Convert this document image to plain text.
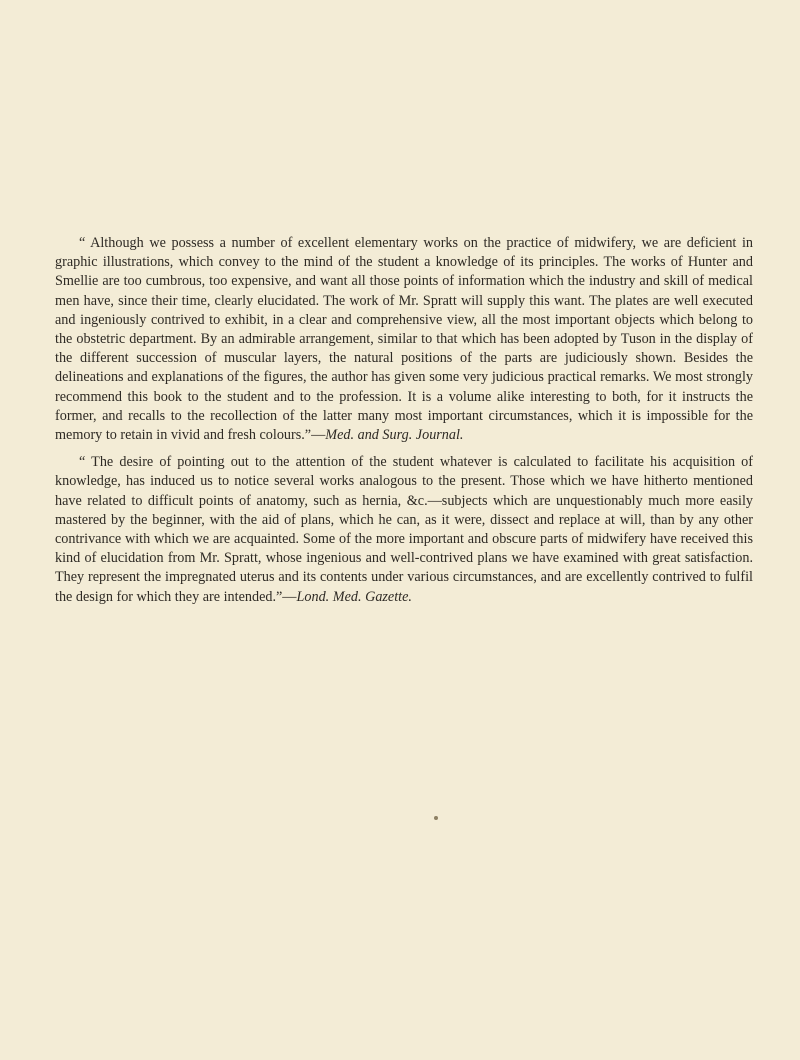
“ Although we possess a number of excellent elementary works on the practice of midwifery, we are deficient in graphic illustrations, which convey to the mind of the student a knowledge of its principles. The works of Hunter and Smellie are too cumbrous, too expensive, and want all those points of information which the industry and skill of medical men have, since their time, clearly elucidated. The work of Mr. Spratt will supply this want. The plates are well executed and ingeniously contrived to exhibit, in a clear and comprehensive view, all the most important objects which belong to the obstetric department. By an admirable arrangement, similar to that which has been adopted by Tuson in the display of the different succession of muscular layers, the natural positions of the parts are judiciously shown. Besides the delineations and explanations of the figures, the author has given some very judicious practical remarks. We most strongly recommend this book to the student and to the profession. It is a volume alike interesting to both, for it instructs the former, and recalls to the recollection of the latter many most important circumstances, which it is impossible for the memory to retain in vivid and fresh colours.”—Med. and Surg. Journal.

“ The desire of pointing out to the attention of the student whatever is calculated to facilitate his acquisition of knowledge, has induced us to notice several works analogous to the present. Those which we have hitherto mentioned have related to difficult points of anatomy, such as hernia, &c.—subjects which are unquestionably much more easily mastered by the beginner, with the aid of plans, which he can, as it were, dissect and replace at will, than by any other contrivance with which we are acquainted. Some of the more important and obscure parts of midwifery have received this kind of elucidation from Mr. Spratt, whose ingenious and well-contrived plans we have examined with great satisfaction. They represent the impregnated uterus and its contents under various circumstances, and are excellently contrived to fulfil the design for which they are intended.”—Lond. Med. Gazette.
